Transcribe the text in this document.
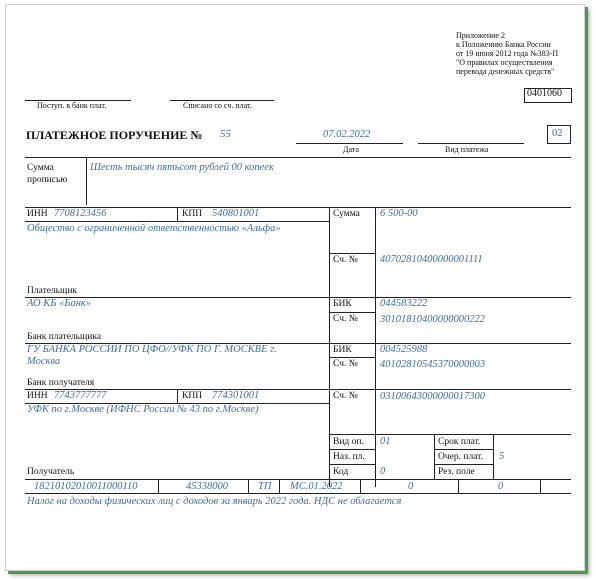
Приложение 2
к Положению Банка России
от 19 июня 2012 года №383-П
"О правилах осуществления
перевода денежных средств"
0401060
Поступ. в банк плат.	Списано со сч. плат.
ПЛАТЕЖНОЕ ПОРУЧЕНИЕ № 55	07.02.2022
Дата	Вид платежа
02
Сумма
прописью
Шесть тысяч пятьсот рублей 00 копеек
ИНН 7708123456	КПП 540801001
Общество с ограниченной ответственностью «Альфа»
Сумма 6 500-00
Сч. № 40702810400000001111
Плательщик
АО КБ «Банк»	БИК	044583222
Сч. № 30101810400000000222
Банк плательщика
ГУ БАНКА РОССИИ ПО ЦФО//УФК ПО Г. МОСКВЕ г.
Москва
БИК	004525988
Сч. № 40102810545370000003
Банк получателя
ИНН 7743777777	КПП 774301001
УФК по г.Москве (ИФНС России № 43 по г.Москве)
Сч. № 03100643000000017300
Вид оп. 01	Срок плат.
Наз. пл.	Очер. плат. 5
Код	0	Рез. поле
Получатель
18210102010011000110	45338000	ТП МС.01.2022	0	0
Налог на доходы физических лиц с доходов за январь 2022 года. НДС не облагается
